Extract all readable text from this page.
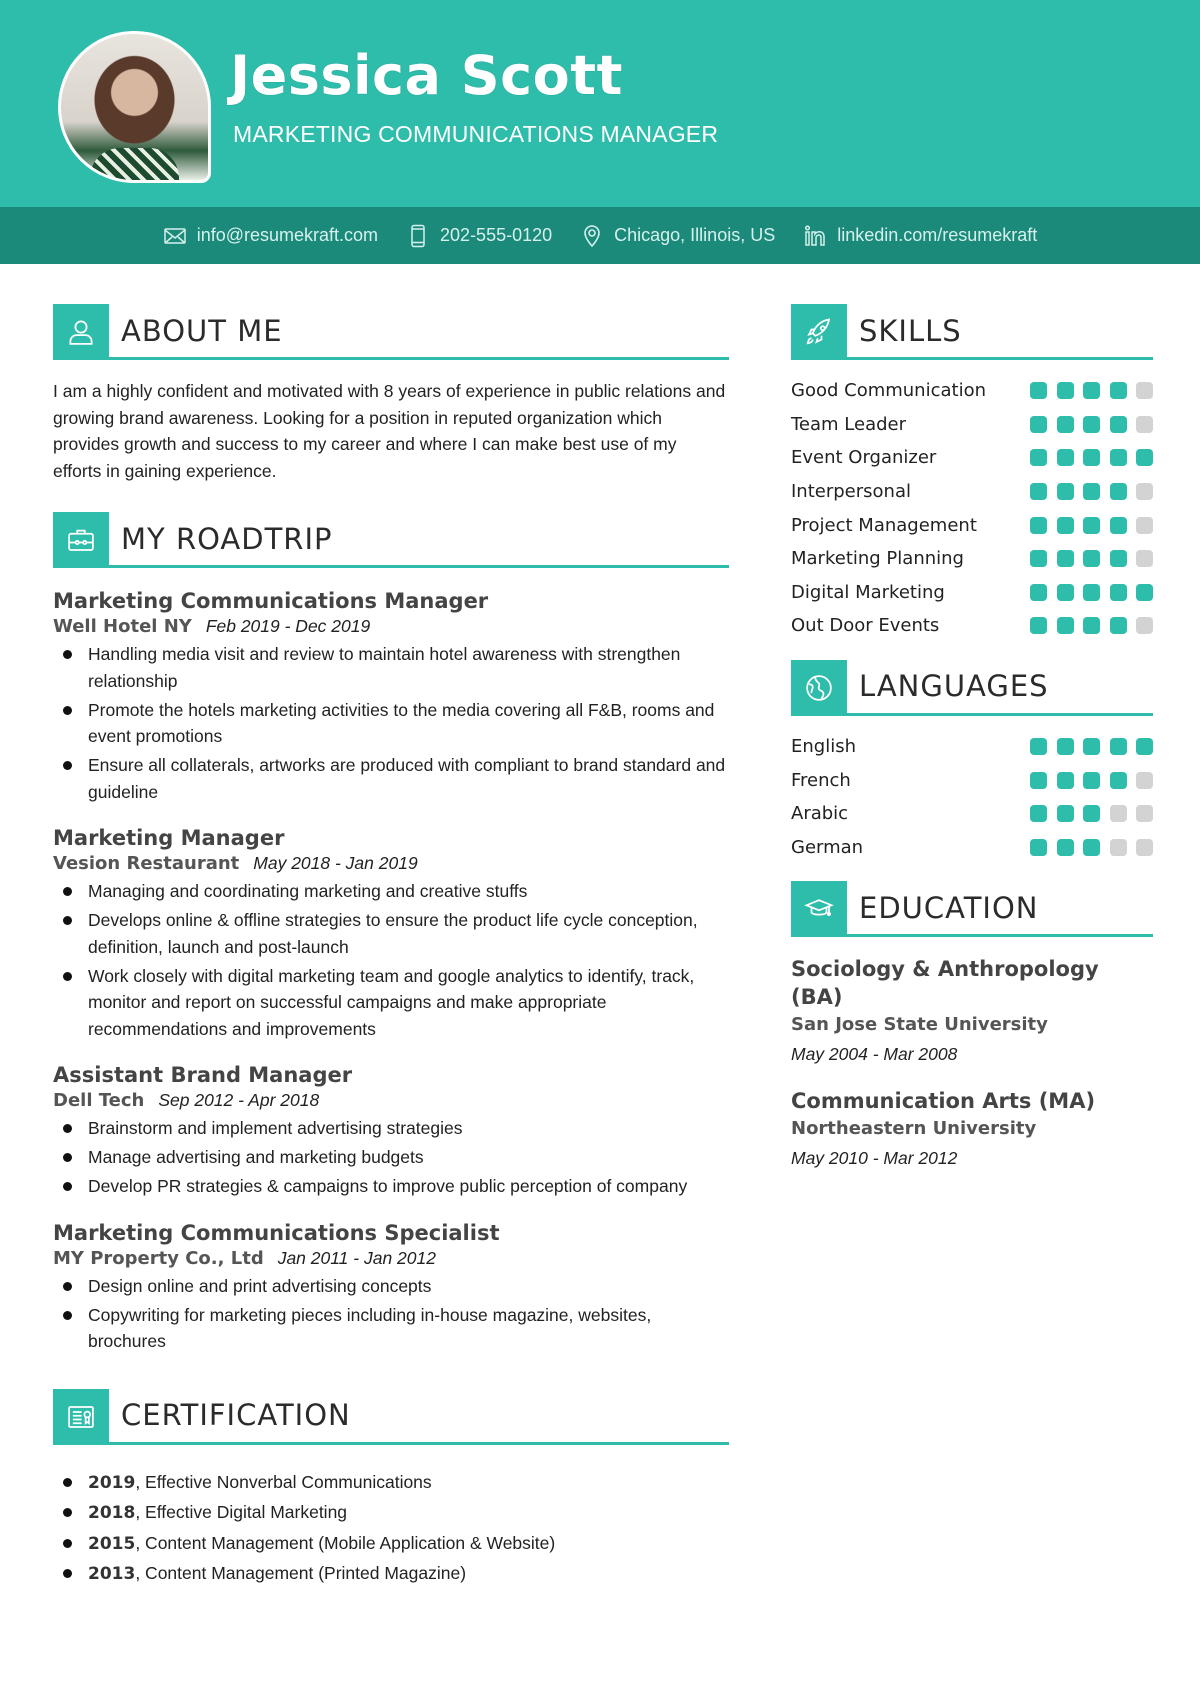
Jessica Scott
MARKETING COMMUNICATIONS MANAGER
info@resumekraft.com	202-555-0120	Chicago, Illinois, US	linkedin.com/resumekraft
ABOUT ME

I am a highly confident and motivated with 8 years of experience in public relations and growing brand awareness. Looking for a position in reputed organization which provides growth and success to my career and where I can make best use of my efforts in gaining experience.

MY ROADTRIP
Marketing Communications Manager
Well Hotel NY Feb 2019 - Dec 2019
Handling media visit and review to maintain hotel awareness with strengthen relationship
Promote the hotels marketing activities to the media covering all F&B, rooms and event promotions
Ensure all collaterals, artworks are produced with compliant to brand standard and guideline
Marketing Manager
Vesion Restaurant May 2018 - Jan 2019
Managing and coordinating marketing and creative stuffs
Develops online & offline strategies to ensure the product life cycle conception, definition, launch and post-launch
Work closely with digital marketing team and google analytics to identify, track, monitor and report on successful campaigns and make appropriate recommendations and improvements
Assistant Brand Manager
Dell Tech Sep 2012 - Apr 2018
Brainstorm and implement advertising strategies
Manage advertising and marketing budgets
Develop PR strategies & campaigns to improve public perception of company
Marketing Communications Specialist
MY Property Co., Ltd Jan 2011 - Jan 2012
Design online and print advertising concepts
Copywriting for marketing pieces including in-house magazine, websites, brochures
CERTIFICATION
2019, Effective Nonverbal Communications
2018, Effective Digital Marketing
2015, Content Management (Mobile Application & Website)
2013, Content Management (Printed Magazine)
SKILLS
Good Communication
Team Leader
Event Organizer
Interpersonal
Project Management
Marketing Planning
Digital Marketing
Out Door Events
LANGUAGES
English
French
Arabic
German
EDUCATION
Sociology & Anthropology (BA)
San Jose State University
May 2004 - Mar 2008
Communication Arts (MA)
Northeastern University
May 2010 - Mar 2012
